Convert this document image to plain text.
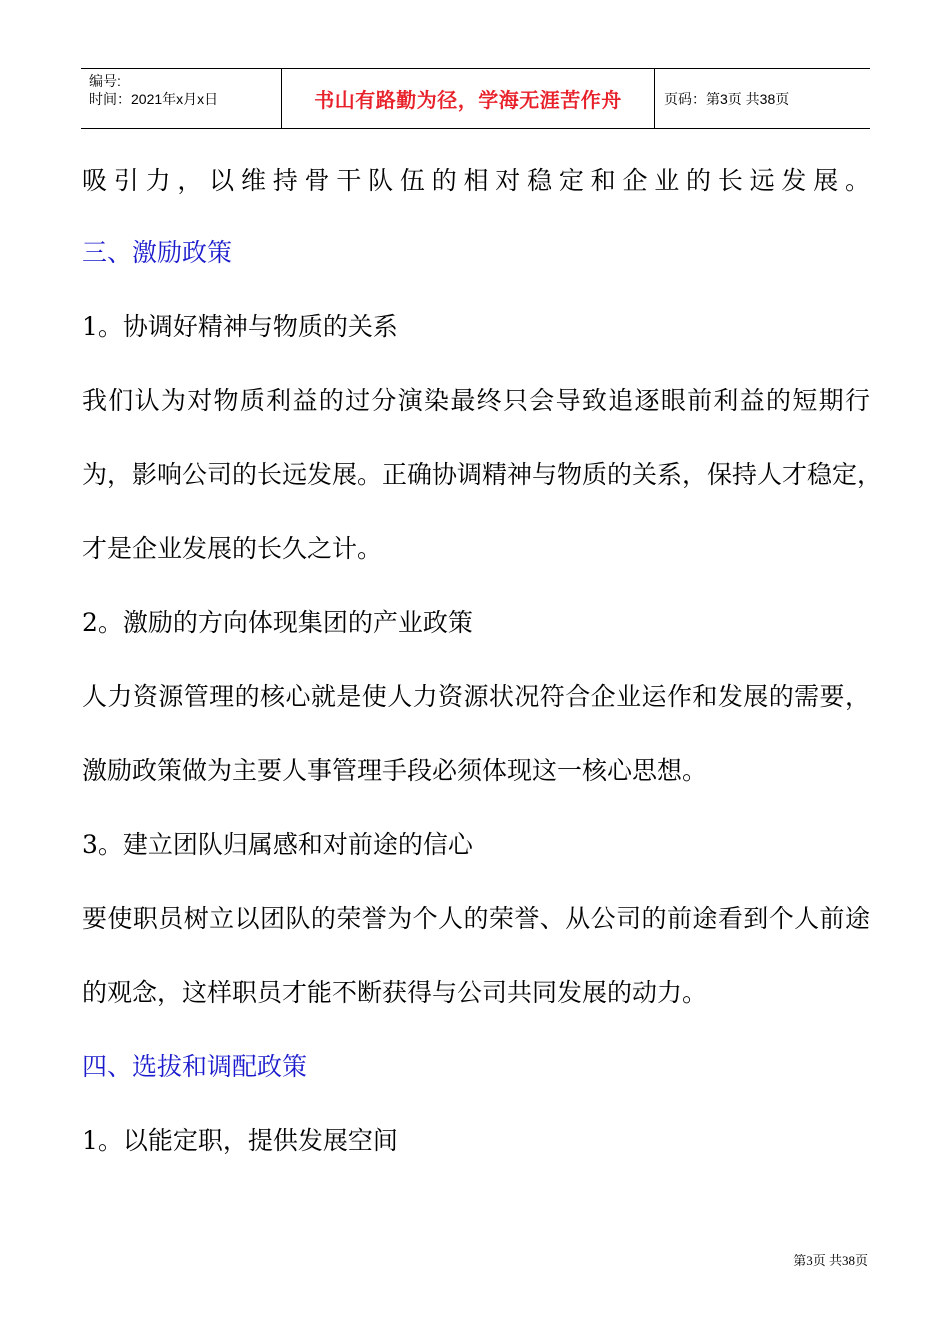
编号:
时间：2021年x月x日	书山有路勤为径，学海无涯苦作舟	页码：第3页 共38页
吸引力，以维持骨干队伍的相对稳定和企业的长远发展。
三、激励政策
1。协调好精神与物质的关系
我们认为对物质利益的过分演染最终只会导致追逐眼前利益的短期行
为，影响公司的长远发展。正确协调精神与物质的关系，保持人才稳定，
才是企业发展的长久之计。
2。激励的方向体现集团的产业政策
人力资源管理的核心就是使人力资源状况符合企业运作和发展的需要，
激励政策做为主要人事管理手段必须体现这一核心思想。
3。建立团队归属感和对前途的信心
要使职员树立以团队的荣誉为个人的荣誉、从公司的前途看到个人前途
的观念，这样职员才能不断获得与公司共同发展的动力。
四、选拔和调配政策
1。以能定职，提供发展空间
第3页 共38页
